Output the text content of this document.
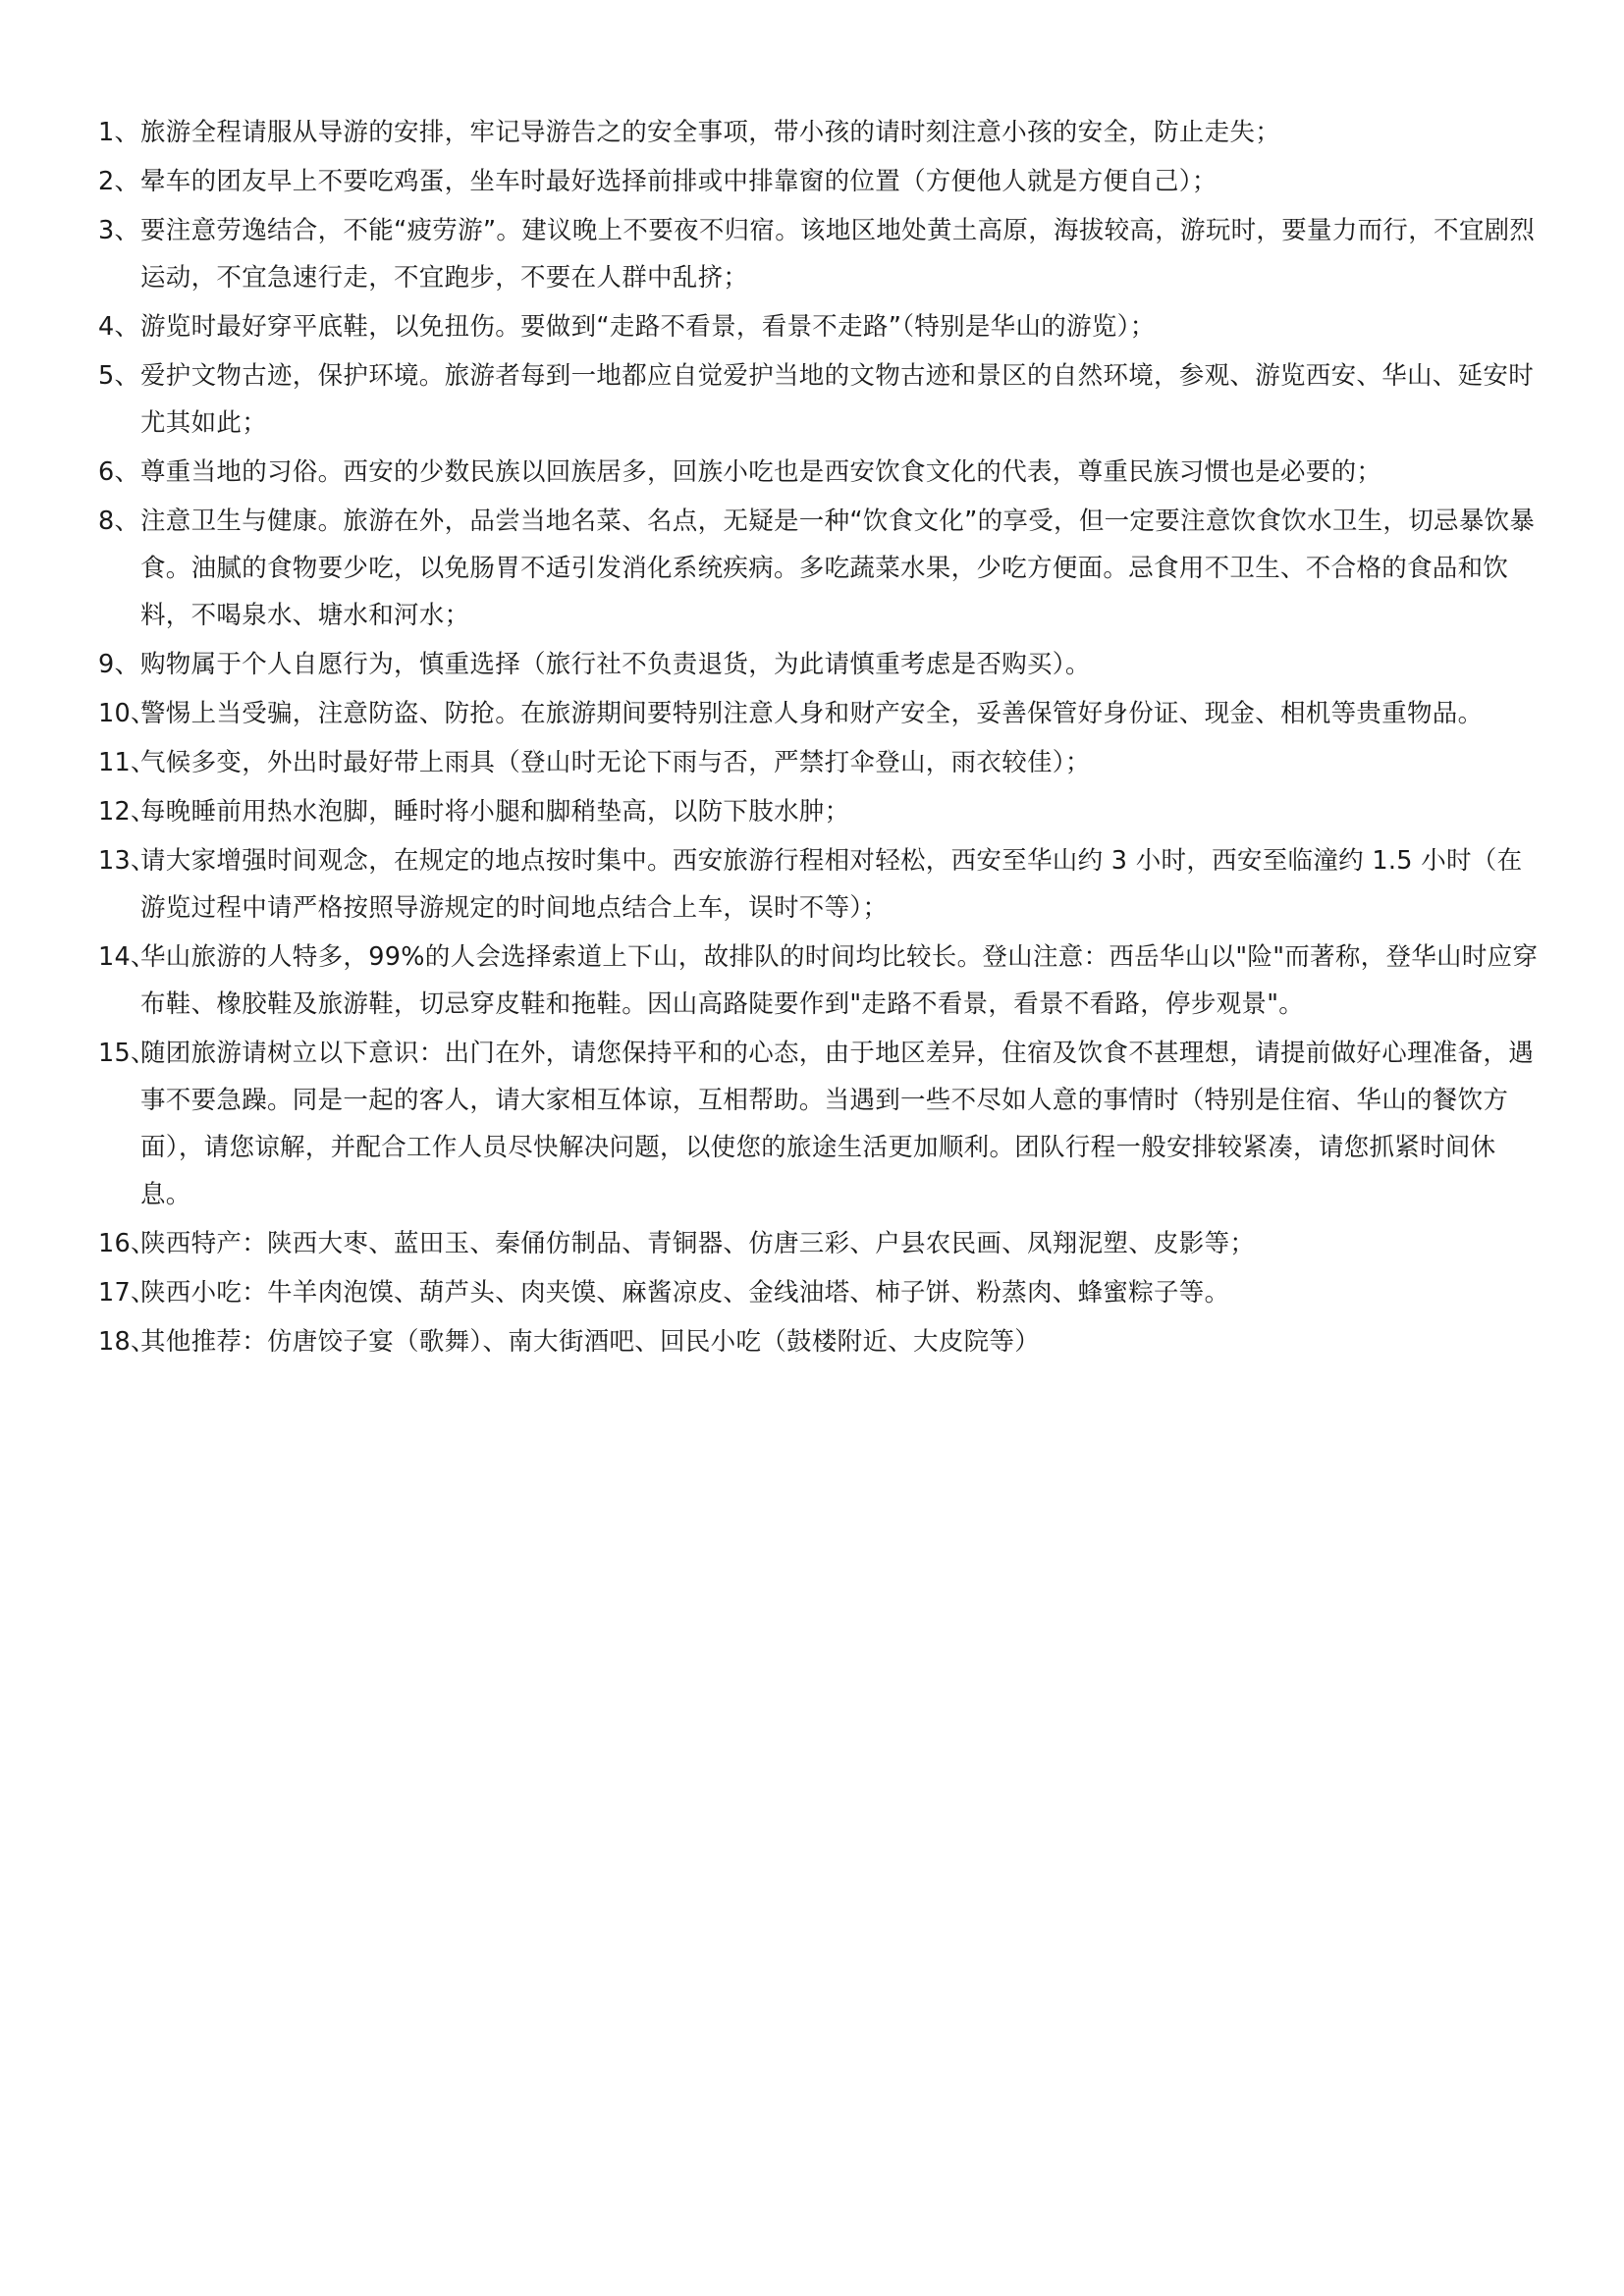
1、 旅游全程请服从导游的安排，牢记导游告之的安全事项，带小孩的请时刻注意小孩的安全，防止走失；
2、 晕车的团友早上不要吃鸡蛋，坐车时最好选择前排或中排靠窗的位置（方便他人就是方便自己）；
3、 要注意劳逸结合，不能“疲劳游”。建议晚上不要夜不归宿。该地区地处黄土高原，海拔较高，游玩时，要量力而行，不宜剧烈运动，不宜急速行走，不宜跑步，不要在人群中乱挤；
4、 游览时最好穿平底鞋，以免扭伤。要做到“走路不看景，看景不走路”（特别是华山的游览）；
5、 爱护文物古迹，保护环境。旅游者每到一地都应自觉爱护当地的文物古迹和景区的自然环境，参观、游览西安、华山、延安时尤其如此；
6、 尊重当地的习俗。西安的少数民族以回族居多，回族小吃也是西安饮食文化的代表，尊重民族习惯也是必要的；
8、 注意卫生与健康。旅游在外，品尝当地名菜、名点，无疑是一种“饮食文化”的享受，但一定要注意饮食饮水卫生，切忌暴饮暴食。油腻的食物要少吃，以免肠胃不适引发消化系统疾病。多吃蔬菜水果，少吃方便面。忌食用不卫生、不合格的食品和饮料，不喝泉水、塘水和河水；
9、 购物属于个人自愿行为，慎重选择（旅行社不负责退货，为此请慎重考虑是否购买）。
10、
警惕上当受骗，注意防盗、防抢。在旅游期间要特别注意人身和财产安全，妥善保管好身份证、现金、相机等贵重物品。
11、
气候多变，外出时最好带上雨具（登山时无论下雨与否，严禁打伞登山，雨衣较佳）；
12、
每晚睡前用热水泡脚，睡时将小腿和脚稍垫高，以防下肢水肿；
13、
请大家增强时间观念，在规定的地点按时集中。西安旅游行程相对轻松，西安至华山约 3 小时，西安至临潼约 1.5 小时（在游览过程中请严格按照导游规定的时间地点结合上车，误时不等）；
14、
华山旅游的人特多，99%的人会选择索道上下山，故排队的时间均比较长。登山注意：西岳华山以"险"而著称，登华山时应穿布鞋、橡胶鞋及旅游鞋，切忌穿皮鞋和拖鞋。因山高路陡要作到"走路不看景，看景不看路，停步观景"。
15、
随团旅游请树立以下意识：出门在外，请您保持平和的心态，由于地区差异，住宿及饮食不甚理想，请提前做好心理准备，遇事不要急躁。同是一起的客人，请大家相互体谅，互相帮助。当遇到一些不尽如人意的事情时（特别是住宿、华山的餐饮方面），请您谅解，并配合工作人员尽快解决问题，以使您的旅途生活更加顺利。团队行程一般安排较紧凑，请您抓紧时间休息。
16、
陕西特产：陕西大枣、蓝田玉、秦俑仿制品、青铜器、仿唐三彩、户县农民画、凤翔泥塑、皮影等；
17、
陕西小吃：牛羊肉泡馍、葫芦头、肉夹馍、麻酱凉皮、金线油塔、柿子饼、粉蒸肉、蜂蜜粽子等。
18、
其他推荐：仿唐饺子宴（歌舞）、南大街酒吧、回民小吃（鼓楼附近、大皮院等）
